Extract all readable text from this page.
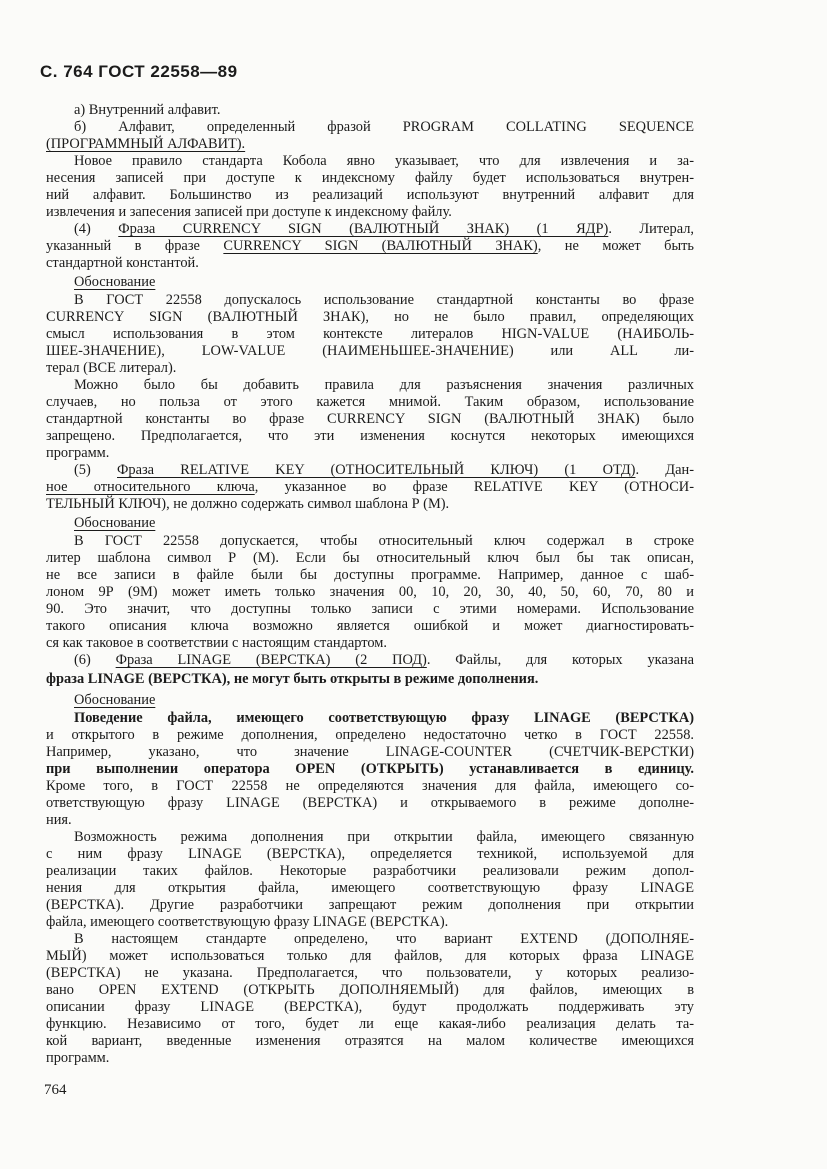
С. 764 ГОСТ 22558—89
а) Внутренний алфавит.
б) Алфавит, определенный фразой PROGRAM COLLATING SEQUENCE
(ПРОГРАММНЫЙ АЛФАВИТ).
Новое правило стандарта Кобола явно указывает, что для извлечения и за-
несения записей при доступе к индексному файлу будет использоваться внутрен-
ний алфавит. Большинство из реализаций используют внутренний алфавит для
извлечения и запесения записей при доступе к индексному файлу.
(4) Фраза CURRENCY SIGN (ВАЛЮТНЫЙ ЗНАК) (1 ЯДР). Литерал,
указанный в фразе CURRENCY SIGN (ВАЛЮТНЫЙ ЗНАК), не может быть
стандартной константой.
Обоснование
В ГОСТ 22558 допускалось использование стандартной константы во фразе
CURRENCY SIGN (ВАЛЮТНЫЙ ЗНАК), но не было правил, определяющих
смысл использования в этом контексте литералов HIGN-VALUE (НАИБОЛЬ-
ШЕЕ-ЗНАЧЕНИЕ), LOW-VALUE (НАИМЕНЬШЕЕ-ЗНАЧЕНИЕ) или ALL ли-
терал (ВСЕ литерал).
Можно было бы добавить правила для разъяснения значения различных
случаев, но польза от этого кажется мнимой. Таким образом, использование
стандартной константы во фразе CURRENCY SIGN (ВАЛЮТНЫЙ ЗНАК) было
запрещено. Предполагается, что эти изменения коснутся некоторых имеющихся
программ.
(5) Фраза RELATIVE KEY (ОТНОСИТЕЛЬНЫЙ КЛЮЧ) (1 ОТД). Дан-
ное относительного ключа, указанное во фразе RELATIVE KEY (ОТНОСИ-
ТЕЛЬНЫЙ КЛЮЧ), не должно содержать символ шаблона Р (М).
Обоснование
В ГОСТ 22558 допускается, чтобы относительный ключ содержал в строке
литер шаблона символ Р (М). Если бы относительный ключ был бы так описан,
не все записи в файле были бы доступны программе. Например, данное с шаб-
лоном 9Р (9М) может иметь только значения 00, 10, 20, 30, 40, 50, 60, 70, 80 и
90. Это значит, что доступны только записи с этими номерами. Использование
такого описания ключа возможно является ошибкой и может диагностировать-
ся как таковое в соответствии с настоящим стандартом.
(6) Фраза LINAGE (ВЕРСТКА) (2 ПОД). Файлы, для которых указана
фраза LINAGE (ВЕРСТКА), не могут быть открыты в режиме дополнения.
Обоснование
Поведение файла, имеющего соответствующую фразу LINAGE (ВЕРСТКА)
и открытого в режиме дополнения, определено недостаточно четко в ГОСТ 22558.
Например, указано, что значение LINAGE-COUNTER (СЧЕТЧИК-ВЕРСТКИ)
при выполнении оператора OPEN (ОТКРЫТЬ) устанавливается в единицу.
Кроме того, в ГОСТ 22558 не определяются значения для файла, имеющего со-
ответствующую фразу LINAGE (ВЕРСТКА) и открываемого в режиме дополне-
ния.
Возможность режима дополнения при открытии файла, имеющего связанную
с ним фразу LINAGE (ВЕРСТКА), определяется техникой, используемой для
реализации таких файлов. Некоторые разработчики реализовали режим допол-
нения для открытия файла, имеющего соответствующую фразу LINAGE
(ВЕРСТКА). Другие разработчики запрещают режим дополнения при открытии
файла, имеющего соответствующую фразу LINAGE (ВЕРСТКА).
В настоящем стандарте определено, что вариант EXTEND (ДОПОЛНЯЕ-
МЫЙ) может использоваться только для файлов, для которых фраза LINAGE
(ВЕРСТКА) не указана. Предполагается, что пользователи, у которых реализо-
вано OPEN EXTEND (ОТКРЫТЬ ДОПОЛНЯЕМЫЙ) для файлов, имеющих в
описании фразу LINAGE (ВЕРСТКА), будут продолжать поддерживать эту
функцию. Независимо от того, будет ли еще какая-либо реализация делать та-
кой вариант, введенные изменения отразятся на малом количестве имеющихся
программ.
764
